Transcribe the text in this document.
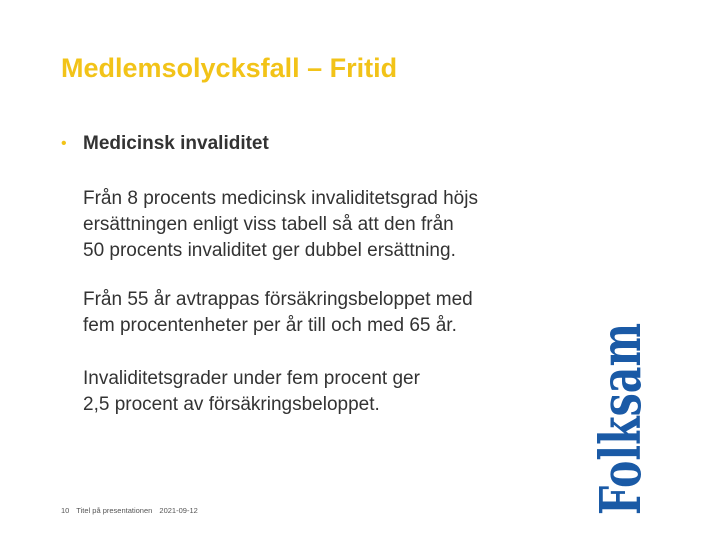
Medlemsolycksfall – Fritid
• Medicinsk invaliditet

Från 8 procents medicinsk invaliditetsgrad höjs
ersättningen enligt viss tabell så att den från
50 procents invaliditet ger dubbel ersättning.

Från 55 år avtrappas försäkringsbeloppet med
fem procentenheter per år till och med 65 år.

Invaliditetsgrader under fem procent ger
2,5 procent av försäkringsbeloppet.

10 Titel på presentationen 2021-09-12	Folksam
